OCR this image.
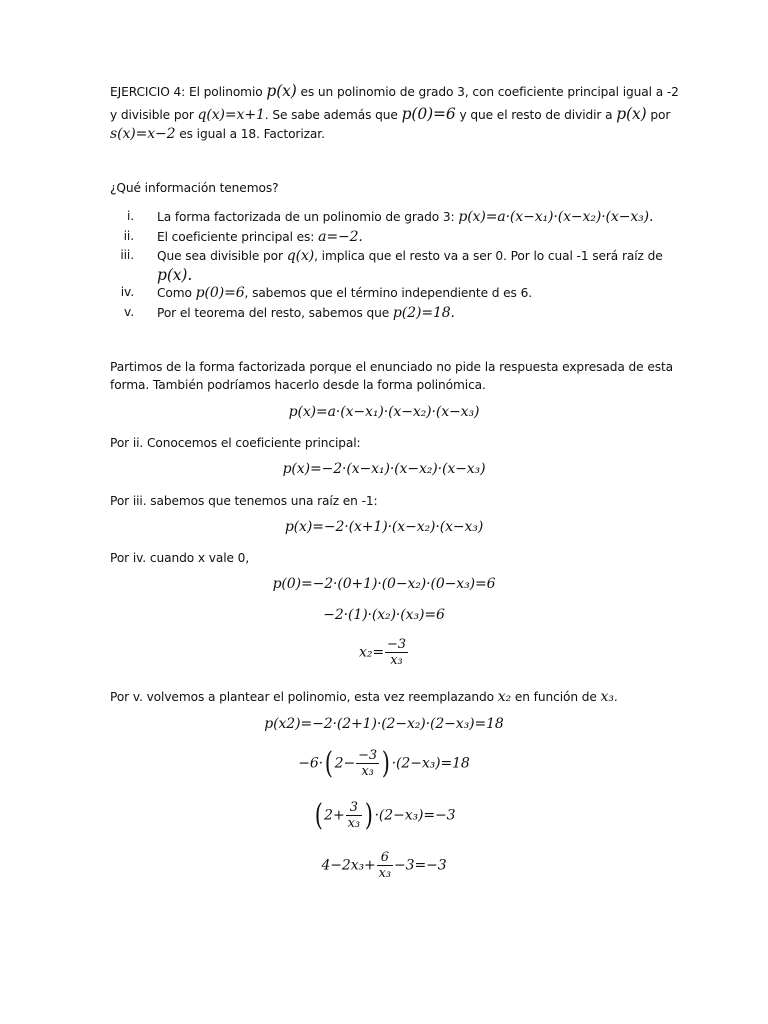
EJERCICIO 4: El polinomio p(x) es un polinomio de grado 3, con coeficiente principal igual a -2
y divisible por q(x)=x+1. Se sabe además que p(0)=6 y que el resto de dividir a p(x) por
s(x)=x−2 es igual a 18. Factorizar.
¿Qué información tenemos?
i. La forma factorizada de un polinomio de grado 3: p(x)=a·(x−x₁)·(x−x₂)·(x−x₃).
ii. El coeficiente principal es: a=−2.
iii. Que sea divisible por q(x), implica que el resto va a ser 0. Por lo cual -1 será raíz de
p(x).
iv. Como p(0)=6, sabemos que el término independiente d es 6.
v. Por el teorema del resto, sabemos que p(2)=18.
Partimos de la forma factorizada porque el enunciado no pide la respuesta expresada de esta
forma. También podríamos hacerlo desde la forma polinómica.
p(x)=a·(x−x₁)·(x−x₂)·(x−x₃)
Por ii. Conocemos el coeficiente principal:
p(x)=−2·(x−x₁)·(x−x₂)·(x−x₃)
Por iii. sabemos que tenemos una raíz en -1:
p(x)=−2·(x+1)·(x−x₂)·(x−x₃)
Por iv. cuando x vale 0,
p(0)=−2·(0+1)·(0−x₂)·(0−x₃)=6
−2·(1)·(x₂)·(x₃)=6
$x_2= \frac{-3}{\text{x₃}}$
Por v. volvemos a plantear el polinomio, esta vez reemplazando x₂ en función de x₃.
p(x2)=−2·(2+1)·(2−x₂)·(2−x₃)=18
−6·( $2- \frac{-3}{\text{x₃}}$ ) ·(2−x₃)=18
( $2+ \frac{3}{\text{x₃}}$ ) ·(2−x₃)=−3
$4-2x_3+ \frac{6}{\text{x₃}} -3=-3$
